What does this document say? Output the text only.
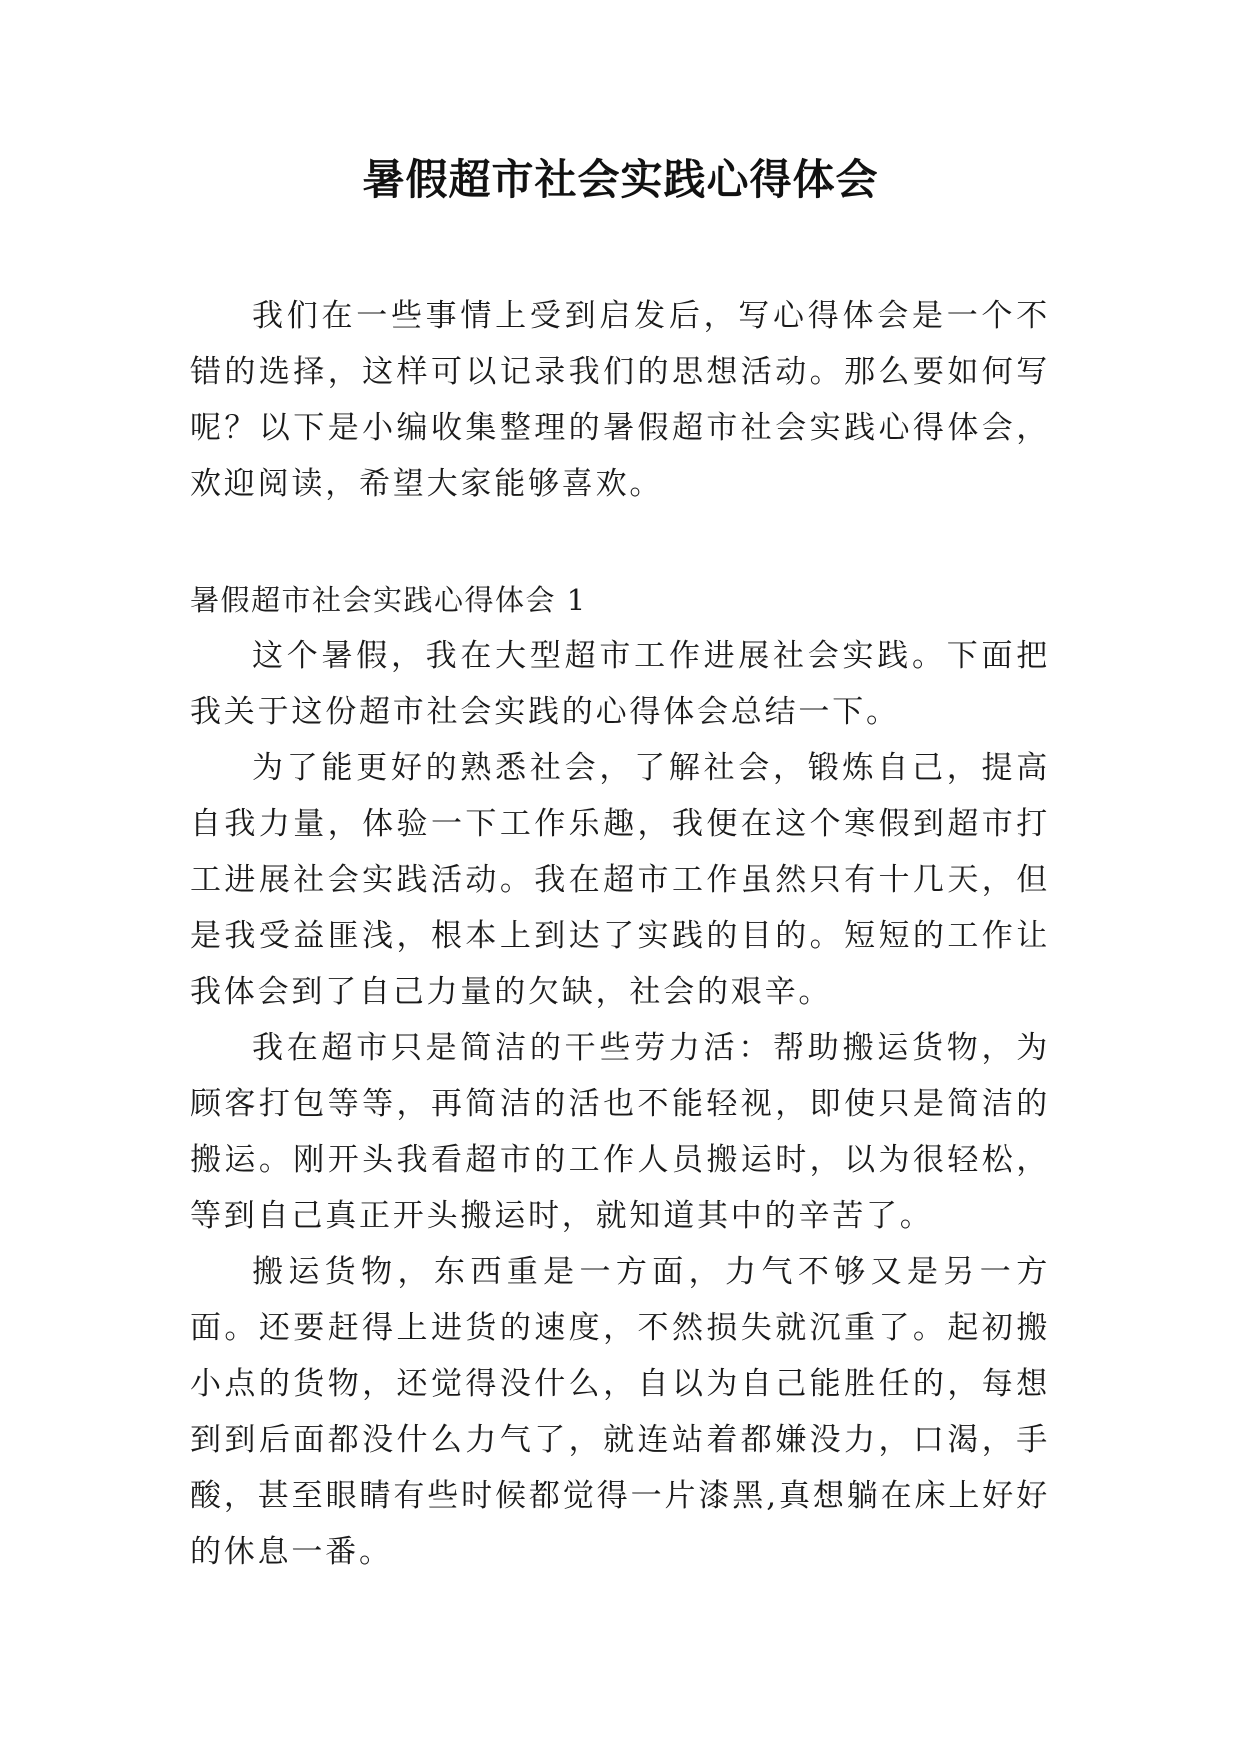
暑假超市社会实践心得体会

我们在一些事情上受到启发后，写心得体会是一个不错的选择，这样可以记录我们的思想活动。那么要如何写呢？以下是小编收集整理的暑假超市社会实践心得体会，欢迎阅读，希望大家能够喜欢。

暑假超市社会实践心得体会 1

这个暑假，我在大型超市工作进展社会实践。下面把我关于这份超市社会实践的心得体会总结一下。

为了能更好的熟悉社会，了解社会，锻炼自己，提高自我力量，体验一下工作乐趣，我便在这个寒假到超市打工进展社会实践活动。我在超市工作虽然只有十几天，但是我受益匪浅，根本上到达了实践的目的。短短的工作让我体会到了自己力量的欠缺，社会的艰辛。

我在超市只是简洁的干些劳力活：帮助搬运货物，为顾客打包等等，再简洁的活也不能轻视，即使只是简洁的搬运。刚开头我看超市的工作人员搬运时，以为很轻松，等到自己真正开头搬运时，就知道其中的辛苦了。

搬运货物，东西重是一方面，力气不够又是另一方面。还要赶得上进货的速度，不然损失就沉重了。起初搬小点的货物，还觉得没什么，自以为自己能胜任的，每想到到后面都没什么力气了，就连站着都嫌没力，口渴，手酸，甚至眼睛有些时候都觉得一片漆黑,真想躺在床上好好的休息一番。
